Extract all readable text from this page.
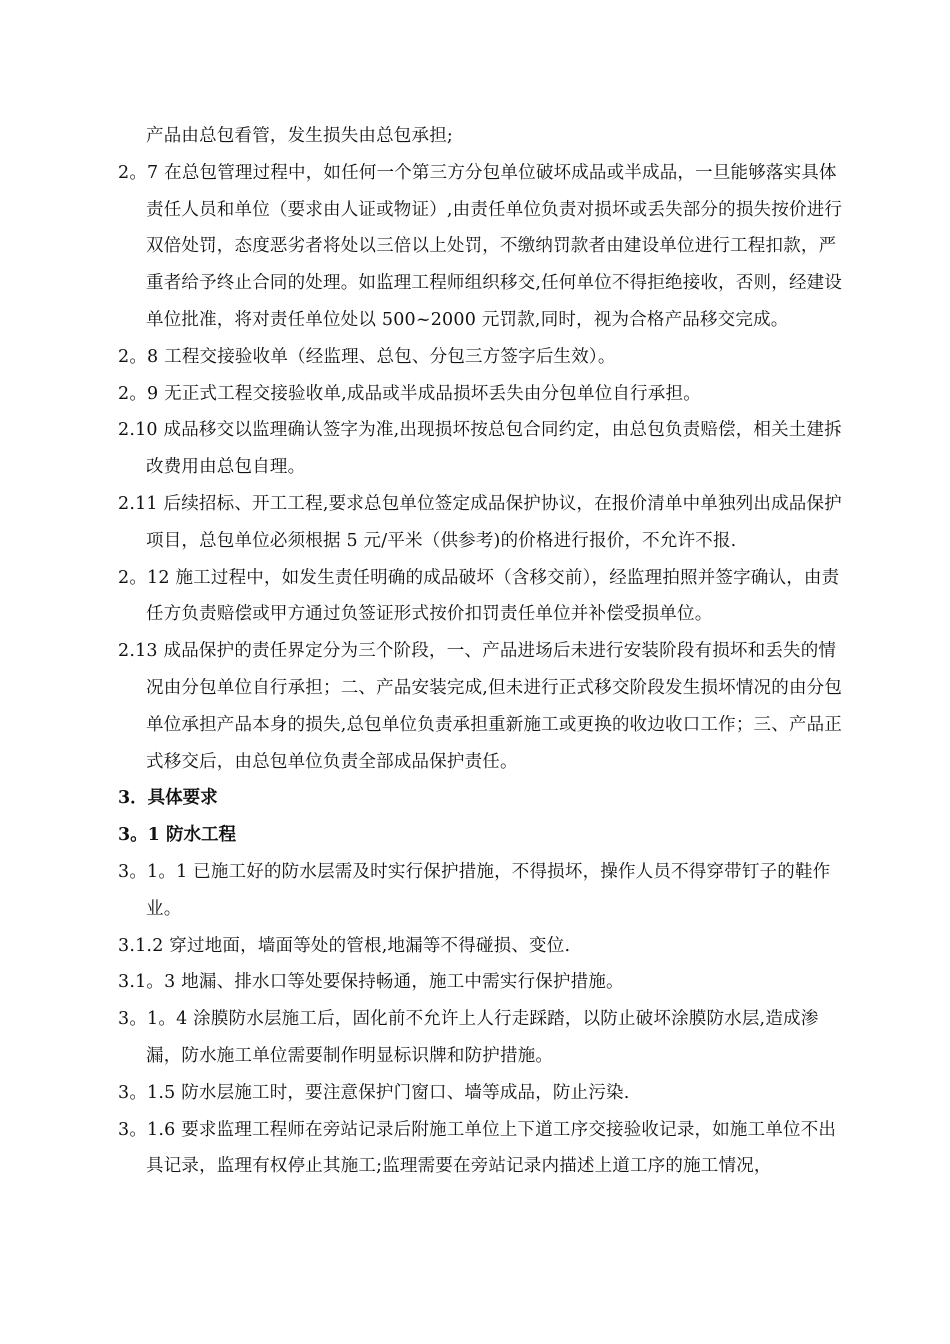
产品由总包看管，发生损失由总包承担;

2。7 在总包管理过程中，如任何一个第三方分包单位破坏成品或半成品，一旦能够落实具体责任人员和单位（要求由人证或物证）,由责任单位负责对损坏或丢失部分的损失按价进行双倍处罚，态度恶劣者将处以三倍以上处罚，不缴纳罚款者由建设单位进行工程扣款，严重者给予终止合同的处理。如监理工程师组织移交,任何单位不得拒绝接收，否则，经建设单位批准，将对责任单位处以 500~2000 元罚款,同时，视为合格产品移交完成。

2。8 工程交接验收单（经监理、总包、分包三方签字后生效）。

2。9 无正式工程交接验收单,成品或半成品损坏丢失由分包单位自行承担。

2.10 成品移交以监理确认签字为准,出现损坏按总包合同约定，由总包负责赔偿，相关土建拆改费用由总包自理。

2.11 后续招标、开工工程,要求总包单位签定成品保护协议，在报价清单中单独列出成品保护项目，总包单位必须根据 5 元/平米（供参考)的价格进行报价，不允许不报.

2。12 施工过程中，如发生责任明确的成品破坏（含移交前），经监理拍照并签字确认，由责任方负责赔偿或甲方通过负签证形式按价扣罚责任单位并补偿受损单位。

2.13 成品保护的责任界定分为三个阶段，一、产品进场后未进行安装阶段有损坏和丢失的情况由分包单位自行承担；二、产品安装完成,但未进行正式移交阶段发生损坏情况的由分包单位承担产品本身的损失,总包单位负责承担重新施工或更换的收边收口工作；三、产品正式移交后，由总包单位负责全部成品保护责任。

3．具体要求

3。1 防水工程

3。1。1 已施工好的防水层需及时实行保护措施，不得损坏，操作人员不得穿带钉子的鞋作业。

3.1.2 穿过地面，墙面等处的管根,地漏等不得碰损、变位.

3.1。3 地漏、排水口等处要保持畅通，施工中需实行保护措施。

3。1。4 涂膜防水层施工后，固化前不允许上人行走踩踏，以防止破坏涂膜防水层,造成渗漏，防水施工单位需要制作明显标识牌和防护措施。

3。1.5 防水层施工时，要注意保护门窗口、墙等成品，防止污染.

3。1.6 要求监理工程师在旁站记录后附施工单位上下道工序交接验收记录，如施工单位不出具记录，监理有权停止其施工;监理需要在旁站记录内描述上道工序的施工情况，
